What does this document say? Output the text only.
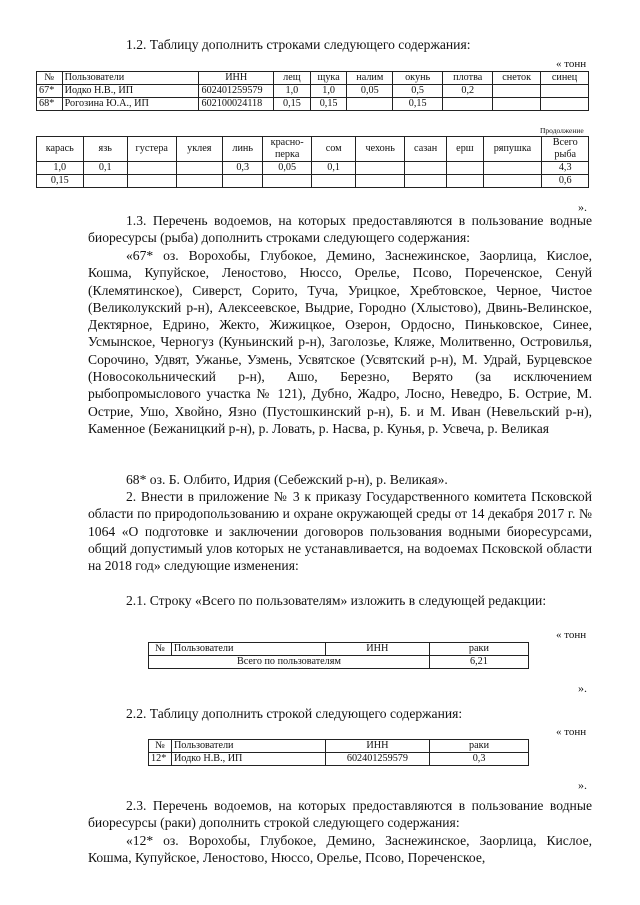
1.2. Таблицу дополнить строками следующего содержания:
« тонн
№	Пользователи	ИНН	лещ	щука	налим	окунь	плотва	снеток	синец
67*	Иодко Н.В., ИП	602401259579	1,0	1,0	0,05	0,5	0,2		
68*	Рогозина Ю.А., ИП	602100024118	0,15	0,15		0,15			
Продолжение
карась	язь	густера	уклея	линь	красно-перка	сом	чехонь	сазан	ерш	ряпушка	Всего рыба
1,0	0,1			0,3	0,05	0,1					4,3
0,15											0,6
».
1.3. Перечень водоемов, на которых предоставляются в пользование водные биоресурсы (рыба) дополнить строками следующего содержания:
«67* оз. Ворохобы, Глубокое, Демино, Заснежинское, Заорлица, Кислое, Кошма, Купуйское, Леностово, Нюссо, Орелье, Псово, Пореченское, Сенуй (Клемятинское), Сиверст, Сорито, Туча, Урицкое, Хребтовское, Черное, Чистое (Великолукский р-н), Алексеевское, Выдрие, Городно (Хлыстово), Двинь-Велинское, Дектярное, Едрино, Жекто, Жижицкое, Озерон, Ордосно, Пиньковское, Синее, Усмынское, Черногуз (Куньинский р-н), Заголозье, Кляже, Молитвенно, Островилья, Сорочино, Удвят, Ужанье, Узмень, Усвятское (Усвятский р-н), М. Удрай, Бурцевское (Новосокольнический р-н), Ашо, Березно, Верято (за исключением рыбопромыслового участка № 121), Дубно, Жадро, Лосно, Неведро, Б. Острие, М. Острие, Ушо, Хвойно, Язно (Пустошкинский р-н), Б. и М. Иван (Невельский р-н), Каменное (Бежаницкий р-н), р. Ловать, р. Насва, р. Кунья, р. Усвеча, р. Великая
68* оз. Б. Олбито, Идрия (Себежский р-н), р. Великая».
2. Внести в приложение № 3 к приказу Государственного комитета Псковской области по природопользованию и охране окружающей среды от 14 декабря 2017 г. № 1064 «О подготовке и заключении договоров пользования водными биоресурсами, общий допустимый улов которых не устанавливается, на водоемах Псковской области на 2018 год» следующие изменения:
2.1. Строку «Всего по пользователям» изложить в следующей редакции:
« тонн
№	Пользователи	ИНН	раки
Всего по пользователям			6,21
».
2.2. Таблицу дополнить строкой следующего содержания:
« тонн
№	Пользователи	ИНН	раки
12*	Иодко Н.В., ИП	602401259579	0,3
».
2.3. Перечень водоемов, на которых предоставляются в пользование водные биоресурсы (раки) дополнить строкой следующего содержания:
«12* оз. Ворохобы, Глубокое, Демино, Заснежинское, Заорлица, Кислое, Кошма, Купуйское, Леностово, Нюссо, Орелье, Псово, Пореченское,
